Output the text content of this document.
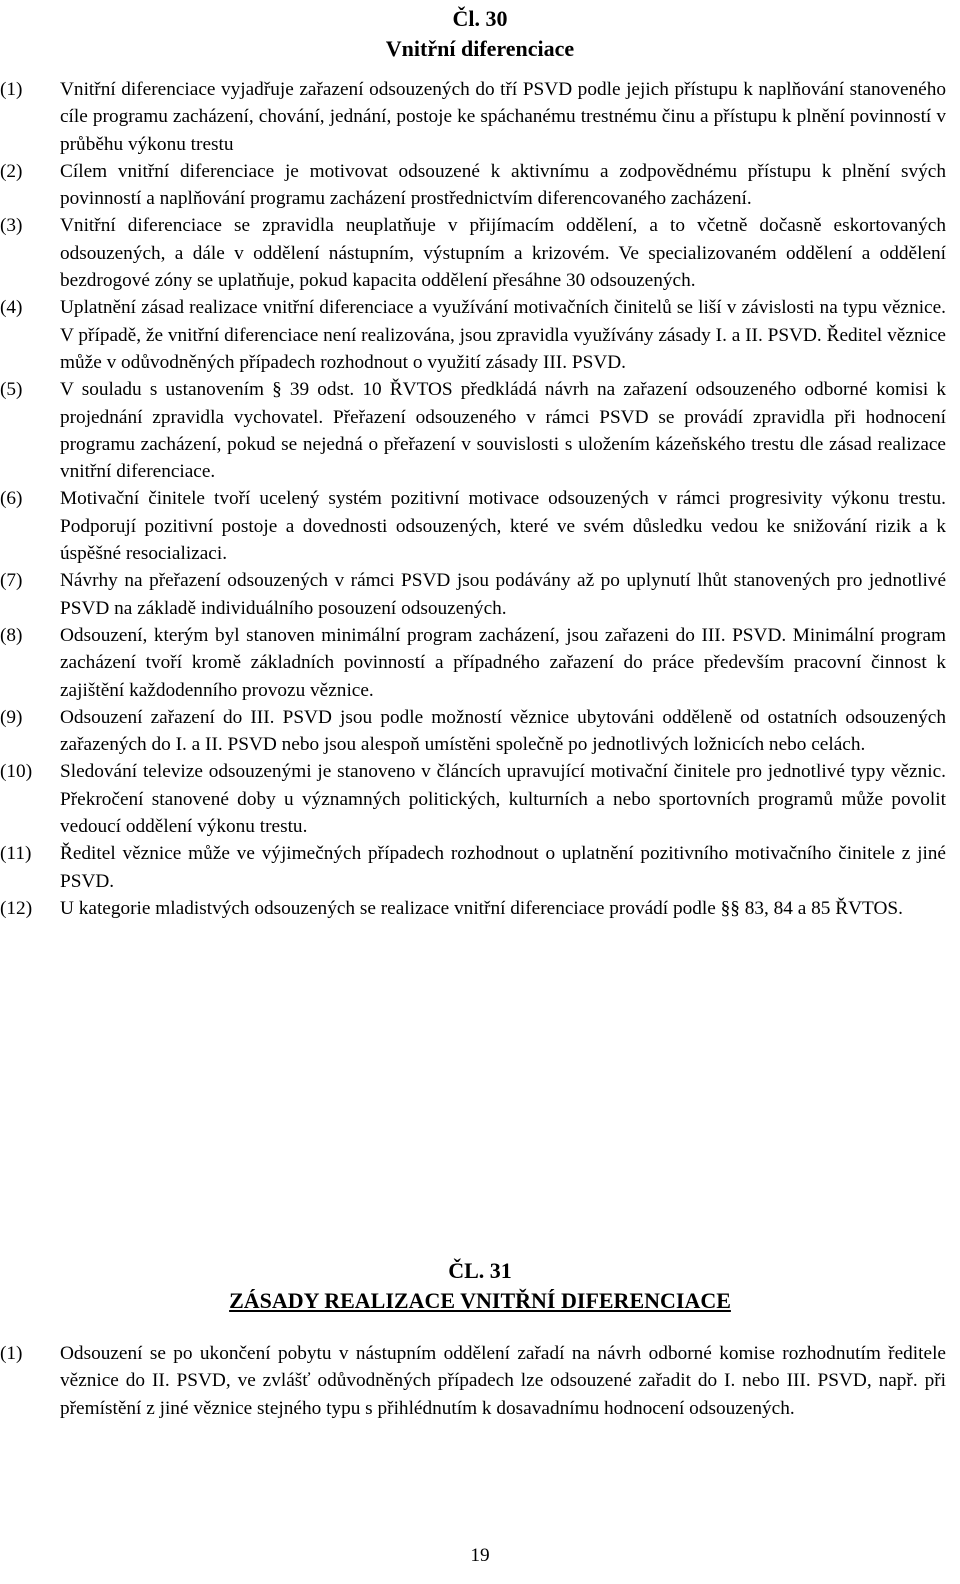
Čl. 30
Vnitřní diferenciace
(1)	Vnitřní diferenciace vyjadřuje zařazení odsouzených do tří PSVD podle jejich přístupu k naplňování stanoveného cíle programu zacházení, chování, jednání, postoje ke spáchanému trestnému činu a přístupu k plnění povinností v průběhu výkonu trestu

(2)	Cílem vnitřní diferenciace je motivovat odsouzené k aktivnímu a zodpovědnému přístupu k plnění svých povinností a naplňování programu zacházení prostřednictvím diferencovaného zacházení.

(3)	Vnitřní diferenciace se zpravidla neuplatňuje v přijímacím oddělení, a to včetně dočasně eskortovaných odsouzených, a dále v oddělení nástupním, výstupním a krizovém. Ve specializovaném oddělení a oddělení bezdrogové zóny se uplatňuje, pokud kapacita oddělení přesáhne 30 odsouzených.

(4)	Uplatnění zásad realizace vnitřní diferenciace a využívání motivačních činitelů se liší v závislosti na typu věznice. V případě, že vnitřní diferenciace není realizována, jsou zpravidla využívány zásady I. a II. PSVD. Ředitel věznice může v odůvodněných případech rozhodnout o využití zásady III. PSVD.

(5)	V souladu s ustanovením § 39 odst. 10 ŘVTOS předkládá návrh na zařazení odsouzeného odborné komisi k projednání zpravidla vychovatel. Přeřazení odsouzeného v rámci PSVD se provádí zpravidla při hodnocení programu zacházení, pokud se nejedná o přeřazení v souvislosti s uložením kázeňského trestu dle zásad realizace vnitřní diferenciace.

(6)	Motivační činitele tvoří ucelený systém pozitivní motivace odsouzených v rámci progresivity výkonu trestu. Podporují pozitivní postoje a dovednosti odsouzených, které ve svém důsledku vedou ke snižování rizik a k úspěšné resocializaci.

(7)	Návrhy na přeřazení odsouzených v rámci PSVD jsou podávány až po uplynutí lhůt stanovených pro jednotlivé PSVD na základě individuálního posouzení odsouzených.

(8)	Odsouzení, kterým byl stanoven minimální program zacházení, jsou zařazeni do III. PSVD. Minimální program zacházení tvoří kromě základních povinností a případného zařazení do práce především pracovní činnost k zajištění každodenního provozu věznice.

(9)	Odsouzení zařazení do III. PSVD jsou podle možností věznice ubytováni odděleně od ostatních odsouzených zařazených do I. a II. PSVD nebo jsou alespoň umístěni společně po jednotlivých ložnicích nebo celách.

(10)	Sledování televize odsouzenými je stanoveno v článcích upravující motivační činitele pro jednotlivé typy věznic. Překročení stanovené doby u významných politických, kulturních a nebo sportovních programů může povolit vedoucí oddělení výkonu trestu.

(11)	Ředitel věznice může ve výjimečných případech rozhodnout o uplatnění pozitivního motivačního činitele z jiné PSVD.

(12)	U kategorie mladistvých odsouzených se realizace vnitřní diferenciace provádí podle §§ 83, 84 a 85 ŘVTOS.

ČL. 31
ZÁSADY REALIZACE VNITŘNÍ DIFERENCIACE
(1)	Odsouzení se po ukončení pobytu v nástupním oddělení zařadí na návrh odborné komise rozhodnutím ředitele věznice do II. PSVD, ve zvlášť odůvodněných případech lze odsouzené zařadit do I. nebo III. PSVD, např. při přemístění z jiné věznice stejného typu s přihlédnutím k dosavadnímu hodnocení odsouzených.

19
